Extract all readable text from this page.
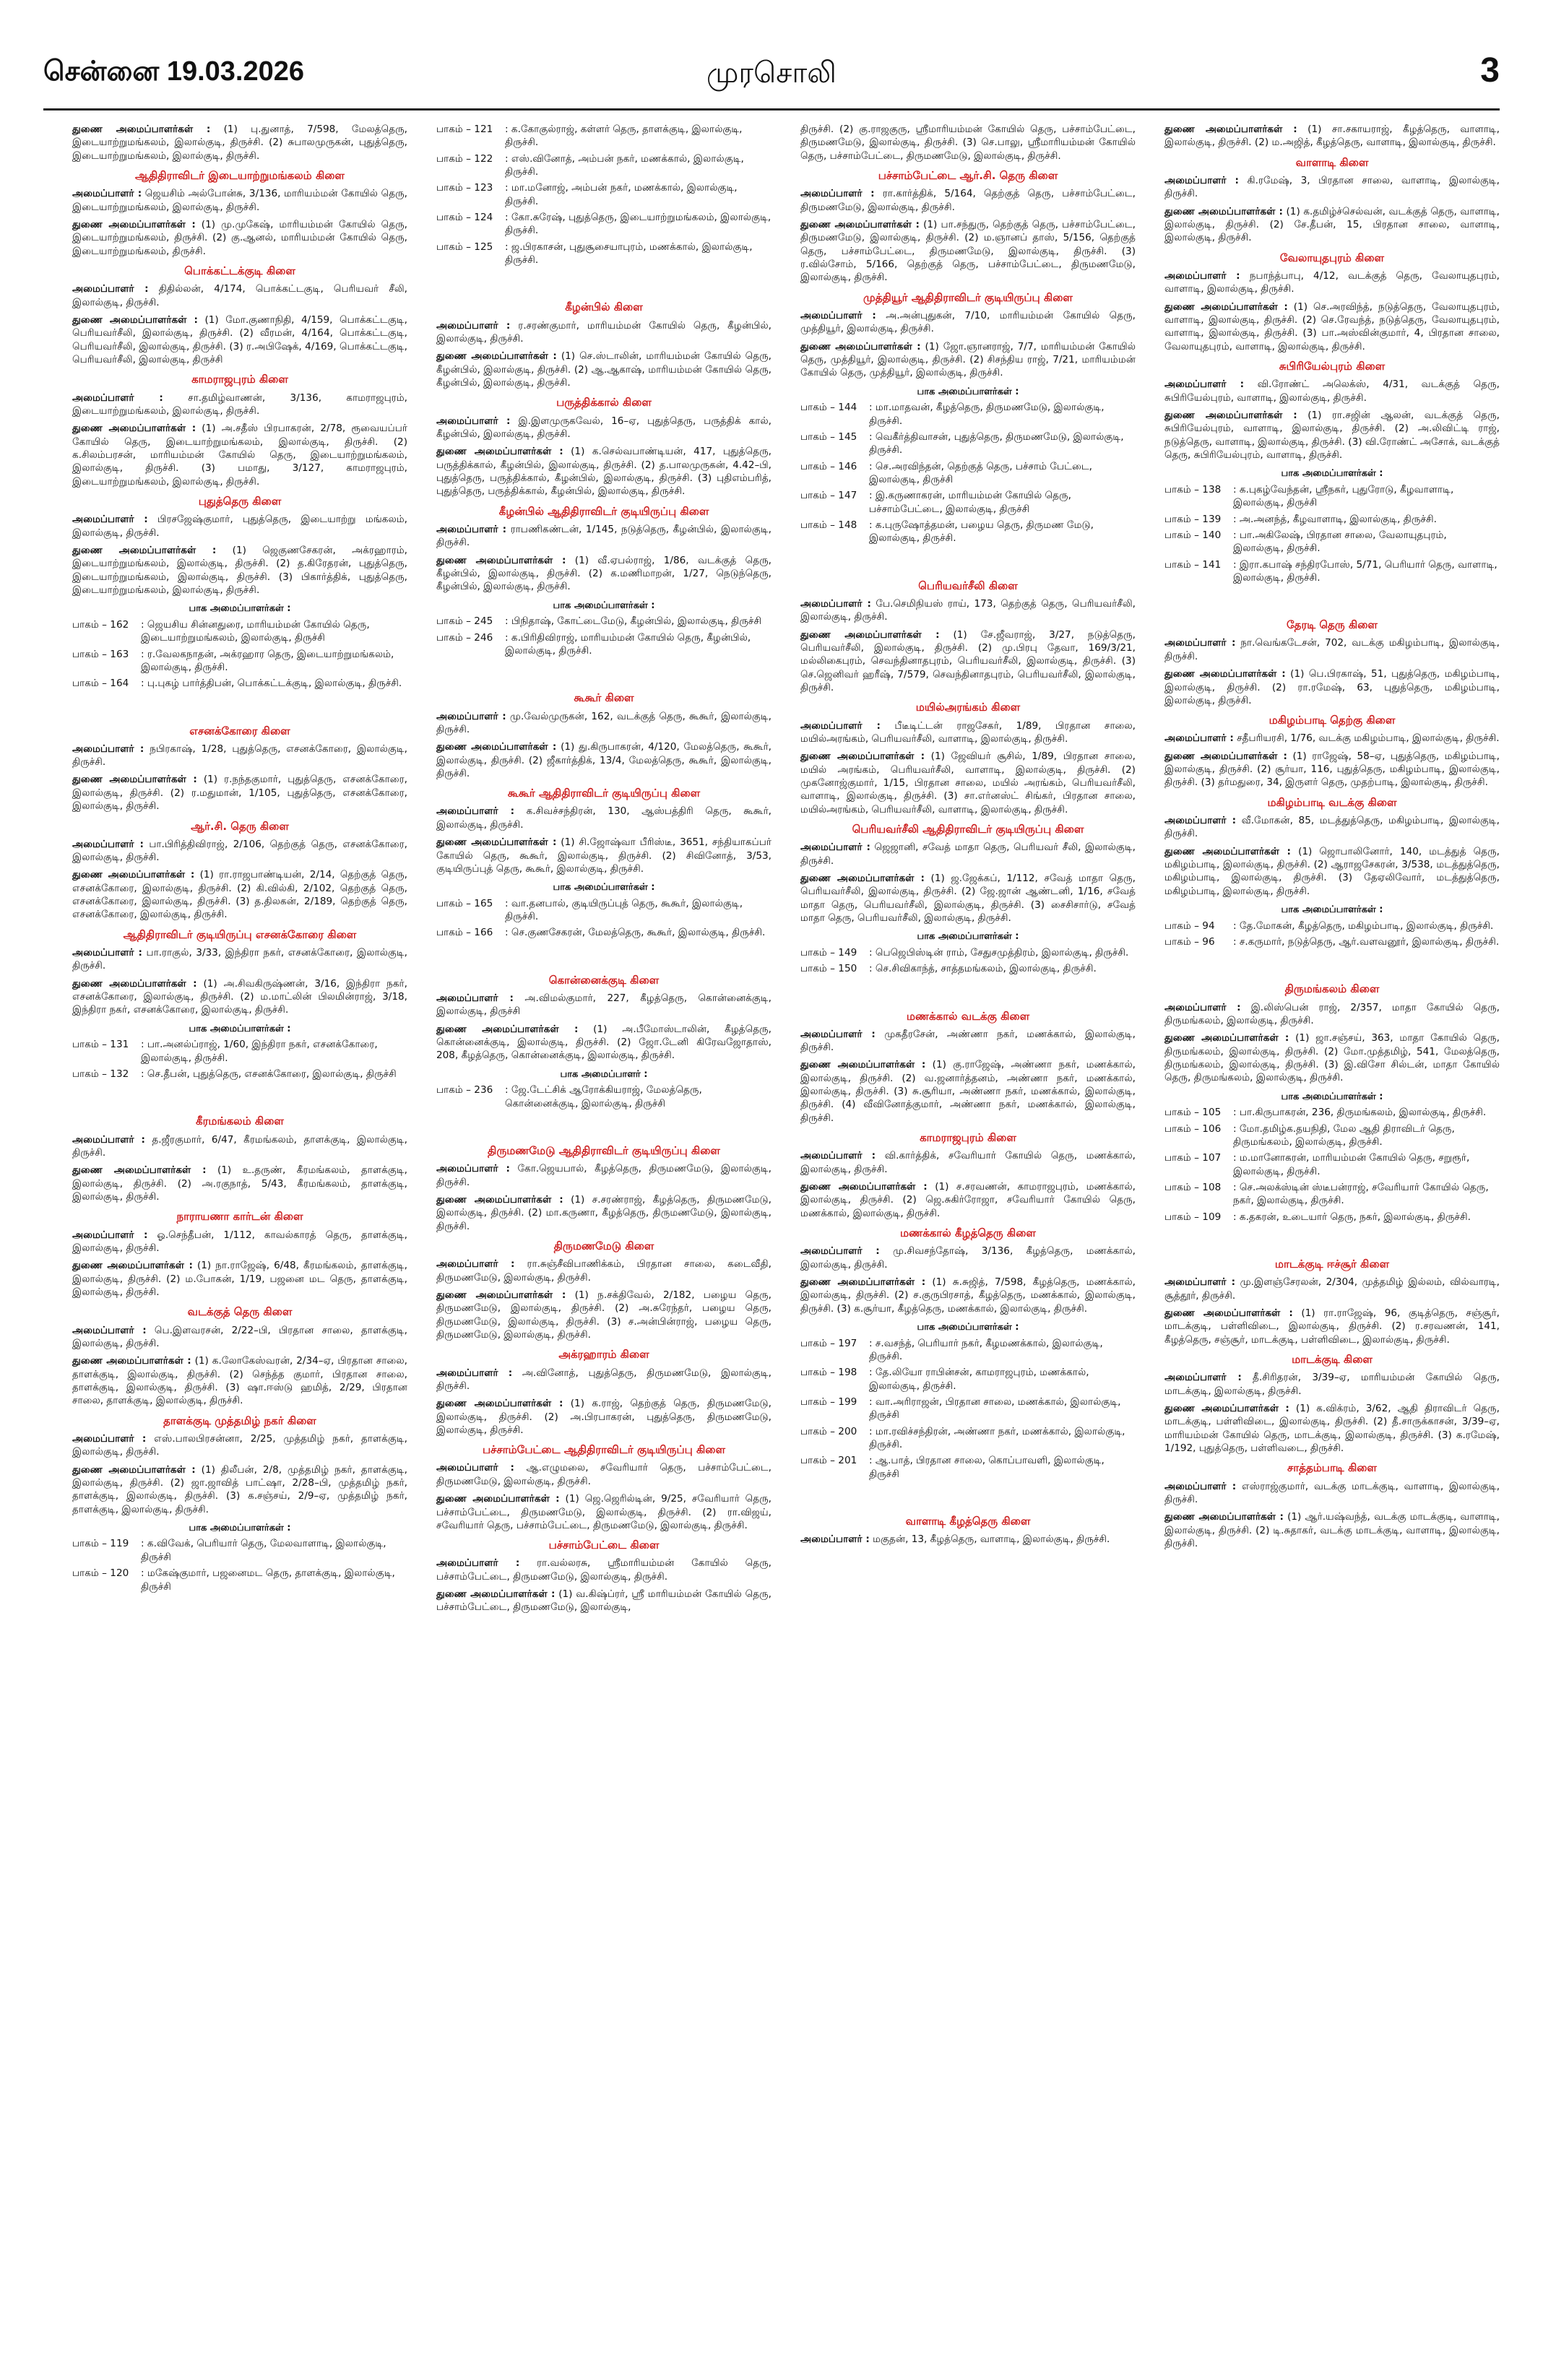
சென்னை 19.03.2026	முரசொலி	3

துணை அமைப்பாளர்கள் : (1) பு.துனாத், 7/598, மேலத்தெரு, இடையாற்றுமங்கலம், இலால்குடி, திருச்சி. (2) சுபாலமுருகன், புதுத்தெரு, இடையாற்றுமங்கலம், இலால்குடி, திருச்சி.

ஆதிதிராவிடர் இடையாற்றுமங்கலம் கிளை

அமைப்பாளர் : ஜெயசிம் அல்போன்சு, 3/136, மாரியம்மன் கோயில் தெரு, இடையாற்றுமங்கலம், இலால்குடி, திருச்சி.

துணை அமைப்பாளர்கள் : (1) மு.முகேஷ், மாரியம்மன் கோயில் தெரு, இடையாற்றுமங்கலம், திருச்சி. (2) கு.ஆனல், மாரியம்மன் கோயில் தெரு, இடையாற்றுமங்கலம், திருச்சி.

பொக்கட்டக்குடி கிளை

அமைப்பாளர் : திதில்லன், 4/174, பொக்கட்டகுடி, பெரியவர் சீலி, இலால்குடி, திருச்சி.

துணை அமைப்பாளர்கள் : (1) மோ.குணாநிதி, 4/159, பொக்கட்டகுடி, பெரியவர்சீலி, இலால்குடி, திருச்சி. (2) வீரமன், 4/164, பொக்கட்டகுடி, பெரியவர்சீலி, இலால்குடி, திருச்சி. (3) ர.அபிஷேக், 4/169, பொக்கட்டகுடி, பெரியவர்சீலி, இலால்குடி, திருச்சி

காமராஜபுரம் கிளை

அமைப்பாளர் :	சா.தமிழ்வாணன், 3/136, காமராஜபுரம், இடையாற்றுமங்கலம், இலால்குடி, திருச்சி.

துணை அமைப்பாளர்கள் : (1) அ.சதீஸ் பிரபாகரன், 2/78, ரூவையப்பர் கோயில் தெரு, இடையாற்றுமங்கலம், இலால்குடி, திருச்சி. (2) க.சிலம்பரசன், மாரியம்மன் கோயில் தெரு, இடையாற்றுமங்கலம், இலால்குடி, திருச்சி. (3) பமாது, 3/127, காமராஜபுரம், இடையாற்றுமங்கலம், இலால்குடி, திருச்சி.

புதுத்தெரு கிளை

அமைப்பாளர் : பிரசஜேஷ்குமார், புதுத்தெரு, இடையாற்று மங்கலம், இலால்குடி, திருச்சி.

துணை அமைப்பாளர்கள் : (1) ஜெகுணசேகரன், அக்ரஹாரம், இடையாற்றுமங்கலம், இலால்குடி, திருச்சி. (2) த.கிரேதரன், புதுத்தெரு, இடையாற்றுமங்கலம், இலால்குடி, திருச்சி. (3) பிகார்த்திக், புதுத்தெரு, இடையாற்றுமங்கலம், இலால்குடி, திருச்சி.

பாக அமைப்பாளர்கள் :
பாகம் – 162	: ஜெயசிய சின்னதுரை, மாரியம்மன் கோயில் தெரு, இடையாற்றுமங்கலம், இலால்குடி, திருச்சி
பாகம் – 163	: ர.வேலகநாதன், அக்ரஹார தெரு, இடையாற்றுமங்கலம், இலால்குடி, திருச்சி.
பாகம் – 164	: பு.புகழ் பார்த்திபன், பொக்கட்டக்குடி, இலால்குடி, திருச்சி.
எசனக்கோரை கிளை

அமைப்பாளர் : நபிரகாஷ், 1/28, புதுத்தெரு, எசனக்கோரை, இலால்குடி, திருச்சி.

துணை அமைப்பாளர்கள் : (1) ர.நந்தகுமார், புதுத்தெரு, எசனக்கோரை, இலால்குடி, திருச்சி. (2) ர.மதுமான், 1/105, புதுத்தெரு, எசனக்கோரை, இலால்குடி, திருச்சி.

ஆர்.சி. தெரு கிளை

அமைப்பாளர் : பா.பிரித்திவிராஜ், 2/106, தெற்குத் தெரு, எசனக்கோரை, இலால்குடி, திருச்சி.

துணை அமைப்பாளர்கள் : (1) ரா.ராஜபாண்டியன், 2/14, தெற்குத் தெரு, எசனக்கோரை, இலால்குடி, திருச்சி. (2) கி.வில்கி, 2/102, தெற்குத் தெரு, எசனக்கோரை, இலால்குடி, திருச்சி. (3) த.திலகன், 2/189, தெற்குத் தெரு, எசனக்கோரை, இலால்குடி, திருச்சி.

ஆதிதிராவிடர் குடியிருப்பு எசனக்கோரை கிளை

அமைப்பாளர் : பா.ராகுல், 3/33, இந்திரா நகர், எசனக்கோரை, இலால்குடி, திருச்சி.

துணை அமைப்பாளர்கள் : (1) அ.சிவகிருஷ்ணன், 3/16, இந்திரா நகர், எசனக்கோரை, இலால்குடி, திருச்சி. (2) ம.மாட்லின் பிலமின்ராஜ், 3/18, இந்திரா நகர், எசனக்கோரை, இலால்குடி, திருச்சி.

பாக அமைப்பாளர்கள் :
பாகம் – 131	: பா.அனல்ப்ராஜ், 1/60, இந்திரா நகர், எசனக்கோரை, இலால்குடி, திருச்சி.
பாகம் – 132	: செ.தீபன், புதுத்தெரு, எசனக்கோரை, இலால்குடி, திருச்சி
கீரமங்கலம் கிளை

அமைப்பாளர் : த.ஜீரகுமார், 6/47, கீரமங்கலம், தாளக்குடி, இலால்குடி, திருச்சி.

துணை அமைப்பாளர்கள் : (1) உ.தருண், கீரமங்கலம், தாளக்குடி, இலால்குடி, திருச்சி. (2) அ.ரகுநாத், 5/43, கீரமங்கலம், தாளக்குடி, இலால்குடி, திருச்சி.

நாராயணா கார்டன் கிளை

அமைப்பாளர் : ஓ.செந்தீபன், 1/112, காவல்காரத் தெரு, தாளக்குடி, இலால்குடி, திருச்சி.

துணை அமைப்பாளர்கள் : (1) நா.ராஜேஷ், 6/48, கீரமங்கலம், தாளக்குடி, இலால்குடி, திருச்சி. (2) ம.போகன், 1/19, பஜனை மட தெரு, தாளக்குடி, இலால்குடி, திருச்சி.

வடக்குத் தெரு கிளை

அமைப்பாளர் : பெ.இளவரசன், 2/22–பி, பிரதான சாலை, தாளக்குடி, இலால்குடி, திருச்சி.

துணை அமைப்பாளர்கள் : (1) க.லோகேஸ்வரன், 2/34–ஏ, பிரதான சாலை, தாளக்குடி, இலால்குடி, திருச்சி. (2) செந்த்த குமார், பிரதான சாலை, தாளக்குடி, இலால்குடி, திருச்சி. (3) ஷா.ஈஸ்டு ஹமித், 2/29, பிரதான சாலை, தாளக்குடி, இலால்குடி, திருச்சி.

தாளக்குடி முத்தமிழ் நகர் கிளை

அமைப்பாளர் : எஸ்.பாலபிரசன்னா, 2/25, முத்தமிழ் நகர், தாளக்குடி, இலால்குடி, திருச்சி.

துணை அமைப்பாளர்கள் : (1) திலீபன், 2/8, முத்தமிழ் நகர், தாளக்குடி, இலால்குடி, திருச்சி. (2) ஜா.ஜாவித் பாட்ஷா, 2/28–பி, முத்தமிழ் நகர், தாளக்குடி, இலால்குடி, திருச்சி. (3) க.சஞ்சய், 2/9–ஏ, முத்தமிழ் நகர், தாளக்குடி, இலால்குடி, திருச்சி.

பாக அமைப்பாளர்கள் :
பாகம் – 119	: க.விவேக், பெரியார் தெரு, மேலவாளாடி, இலால்குடி, திருச்சி
பாகம் – 120	: மகேஷ்குமார், பஜனைமட தெரு, தாளக்குடி, இலால்குடி, திருச்சி
பாகம் – 121	: க.கோகுல்ராஜ், கள்ளர் தெரு, தாளக்குடி, இலால்குடி, திருச்சி.
பாகம் – 122	: எஸ்.வினோத், அம்பன் நகர், மணக்கால், இலால்குடி, திருச்சி.
பாகம் – 123	: மா.மனோஜ், அம்பன் நகர், மணக்கால், இலால்குடி, திருச்சி.
பாகம் – 124	: கோ.சுரேஷ், புதுத்தெரு, இடையாற்றுமங்கலம், இலால்குடி, திருச்சி.
பாகம் – 125	: ஜ.பிரகாசன், புதுசூசையாபுரம், மணக்கால், இலால்குடி, திருச்சி.
கீழன்பில் கிளை

அமைப்பாளர் : ர.சரண்குமார், மாரியம்மன் கோயில் தெரு, கீழன்பில், இலால்குடி, திருச்சி.

துணை அமைப்பாளர்கள் : (1) செ.ஸ்டாலின், மாரியம்மன் கோயில் தெரு, கீழன்பில், இலால்குடி, திருச்சி. (2) ஆ.ஆகாஷ், மாரியம்மன் கோயில் தெரு, கீழன்பில், இலால்குடி, திருச்சி.

பருத்திக்கால் கிளை

அமைப்பாளர் : இ.இளமுருகவேல், 16–ஏ, புதுத்தெரு, பருத்திக் கால், கீழன்பில், இலால்குடி, திருச்சி.

துணை அமைப்பாளர்கள் : (1) க.செல்வபாண்டியன், 417, புதுத்தெரு, பருத்திக்கால், கீழன்பில், இலால்குடி, திருச்சி. (2) த.பாலமுருகன், 4.42–பி, புதுத்தெரு, பருத்திக்கால், கீழன்பில், இலால்குடி, திருச்சி. (3) புதிஎம்பரித், புதுத்தெரு, பருத்திக்கால், கீழன்பில், இலால்குடி, திருச்சி.

கீழன்பில் ஆதிதிராவிடர் குடியிருப்பு கிளை

அமைப்பாளர் : ராபணிகண்டன், 1/145, நடுத்தெரு, கீழன்பில், இலால்குடி, திருச்சி.

துணை அமைப்பாளர்கள் : (1) வீ.ஏபல்ராஜ், 1/86, வடக்குத் தெரு, கீழன்பில், இலால்குடி, திருச்சி. (2) க.மணிமாறன், 1/27, நெடுந்தெரு, கீழன்பில், இலால்குடி, திருச்சி.

பாக அமைப்பாளர்கள் :
பாகம் – 245	: பிநிதாஷ், கோட்டைமேடு, கீழன்பில், இலால்குடி, திருச்சி
பாகம் – 246	: க.பிரிதிவிராஜ், மாரியம்மன் கோயில் தெரு, கீழன்பில், இலால்குடி, திருச்சி.
கூகூர் கிளை

அமைப்பாளர் : மு.வேல்முருகன், 162, வடக்குத் தெரு, கூகூர், இலால்குடி, திருச்சி.

துணை அமைப்பாளர்கள் : (1) து.கிருபாகரன், 4/120, மேலத்தெரு, கூகூர், இலால்குடி, திருச்சி. (2) ஜீகார்த்திக், 13/4, மேலத்தெரு, கூகூர், இலால்குடி, திருச்சி.

கூகூர் ஆதிதிராவிடர் குடியிருப்பு கிளை

அமைப்பாளர் : க.சிவச்சந்திரன், 130, ஆஸ்பத்திரி தெரு, கூகூர், இலால்குடி, திருச்சி.

துணை அமைப்பாளர்கள் : (1) சி.ஜோஷ்வா பீரிஸ்டீ, 3651, சந்தியாகப்பர் கோயில் தெரு, கூகூர், இலால்குடி, திருச்சி. (2) சிவினோத், 3/53, குடியிருப்புத் தெரு, கூகூர், இலால்குடி, திருச்சி.

பாக அமைப்பாளர்கள் :
பாகம் – 165	: வா.தனபால், குடியிருப்புத் தெரு, கூகூர், இலால்குடி, திருச்சி.
பாகம் – 166	: செ.குணசேகரன், மேலத்தெரு, கூகூர், இலால்குடி, திருச்சி.
கொன்னைக்குடி கிளை

அமைப்பாளர் : அ.விமல்குமார், 227, கீழத்தெரு, கொன்னைக்குடி, இலால்குடி, திருச்சி

துணை அமைப்பாளர்கள் : (1) அ.பீமோஸ்டாலின், கீழத்தெரு, கொன்னைக்குடி, இலால்குடி, திருச்சி. (2) ஜோ.டேனி கிரேவஜோதாஸ், 208, கீழத்தெரு, கொன்னைக்குடி, இலால்குடி, திருச்சி.

பாக அமைப்பாளர் :
பாகம் – 236	: ஜே.டேட்சிக் ஆரோக்கியராஜ், மேலத்தெரு, கொன்னைக்குடி, இலால்குடி, திருச்சி
திருமணமேடு ஆதிதிராவிடர் குடியிருப்பு கிளை

அமைப்பாளர் : கோ.ஜெயபால், கீழத்தெரு, திருமணமேடு, இலால்குடி, திருச்சி.

துணை அமைப்பாளர்கள் : (1) ச.சரண்ராஜ், கீழத்தெரு, திருமணமேடு, இலால்குடி, திருச்சி. (2) மா.கருணா, கீழத்தெரு, திருமணமேடு, இலால்குடி, திருச்சி.

திருமணமேடு கிளை

அமைப்பாளர் : ரா.சுஞ்சீவிபாணிக்கம், பிரதான சாலை, கடைவீதி, திருமணமேடு, இலால்குடி, திருச்சி.

துணை அமைப்பாளர்கள் : (1) ந.சக்திவேல், 2/182, பழைய தெரு, திருமணமேடு, இலால்குடி, திருச்சி. (2) அ.சுரேந்தர், பழைய தெரு, திருமணமேடு, இலால்குடி, திருச்சி. (3) ச.அன்பின்ராஜ், பழைய தெரு, திருமணமேடு, இலால்குடி, திருச்சி.

அக்ரஹாரம் கிளை

அமைப்பாளர் : அ.வினோத், புதுத்தெரு, திருமணமேடு, இலால்குடி, திருச்சி.

துணை அமைப்பாளர்கள் : (1) க.ராஜ், தெற்குத் தெரு, திருமணமேடு, இலால்குடி, திருச்சி. (2) அ.பிரபாகரன், புதுத்தெரு, திருமணமேடு, இலால்குடி, திருச்சி.

பச்சாம்பேட்டை ஆதிதிராவிடர் குடியிருப்பு கிளை

அமைப்பாளர் : ஆ.எழுமலை, சவேரியார் தெரு, பச்சாம்பேட்டை, திருமணமேடு, இலால்குடி, திருச்சி.

துணை அமைப்பாளர்கள் : (1) ஜெ.ஜெரில்டின், 9/25, சவேரியார் தெரு, பச்சாம்பேட்டை, திருமணமேடு, இலால்குடி, திருச்சி. (2) ரா.விஜய், சவேரியார் தெரு, பச்சாம்பேட்டை, திருமணமேடு, இலால்குடி, திருச்சி.

பச்சாம்பேட்டை கிளை

அமைப்பாளர் : ரா.வல்லரசு, ஸ்ரீமாரியம்மன் கோயில் தெரு, பச்சாம்பேட்டை, திருமணமேடு, இலால்குடி, திருச்சி.

துணை அமைப்பாளர்கள் : (1) வ.கிஷ்ப்ரர், ஸ்ரீ மாரியம்மன் கோயில் தெரு, பச்சாம்பேட்டை, திருமணமேடு, இலால்குடி,

திருச்சி. (2) கு.ராஜகுரு, ஸ்ரீமாரியம்மன் கோயில் தெரு, பச்சாம்பேட்டை, திருமணமேடு, இலால்குடி, திருச்சி. (3) செ.பாலு, ஸ்ரீமாரியம்மன் கோயில் தெரு, பச்சாம்பேட்டை, திருமணமேடு, இலால்குடி, திருச்சி.

பச்சாம்பேட்டை ஆர்.சி. தெரு கிளை

அமைப்பாளர் : ரா.கார்த்திக், 5/164, தெற்குத் தெரு, பச்சாம்பேட்டை, திருமணமேடு, இலால்குடி, திருச்சி.

துணை அமைப்பாளர்கள் : (1) பா.சந்துரு, தெற்குத் தெரு, பச்சாம்பேட்டை, திருமணமேடு, இலால்குடி, திருச்சி. (2) ம.ஞானப் தாஸ், 5/156, தெற்குத் தெரு, பச்சாம்பேட்டை, திருமணமேடு, இலால்குடி, திருச்சி. (3) ர.வில்சோம், 5/166, தெற்குத் தெரு, பச்சாம்பேட்டை, திருமணமேடு, இலால்குடி, திருச்சி.

முத்தியூர் ஆதிதிராவிடர் குடியிருப்பு கிளை

அமைப்பாளர் : அ.அன்புதுகன், 7/10, மாரியம்மன் கோயில் தெரு, முத்தியூர், இலால்குடி, திருச்சி.

துணை அமைப்பாளர்கள் : (1) ஜோ.ஞானராஜ், 7/7, மாரியம்மன் கோயில் தெரு, முத்தியூர், இலால்குடி, திருச்சி. (2) சிசந்திய ராஜ், 7/21, மாரியம்மன் கோயில் தெரு, முத்தியூர், இலால்குடி, திருச்சி.

பாக அமைப்பாளர்கள் :
பாகம் – 144	: மா.மாதவன், கீழத்தெரு, திருமணமேடு, இலால்குடி, திருச்சி.
பாகம் – 145	: வெகீர்த்திவாசன், புதுத்தெரு, திருமணமேடு, இலால்குடி, திருச்சி.
பாகம் – 146	: செ.அரவிந்தன், தெற்குத் தெரு, பச்சாம் பேட்டை, இலால்குடி, திருச்சி
பாகம் – 147	: இ.கருணாகரன், மாரியம்மன் கோயில் தெரு, பச்சாம்பேட்டை, இலால்குடி, திருச்சி
பாகம் – 148	: க.புருஷோத்தமன், பழைய தெரு, திருமண மேடு, இலால்குடி, திருச்சி.
பெரியவர்சீலி கிளை

அமைப்பாளர் : பே.செமிநியஸ் ராய், 173, தெற்குத் தெரு, பெரியவர்சீலி, இலால்குடி, திருச்சி.

துணை அமைப்பாளர்கள் : (1) சே.ஜீவராஜ், 3/27, நடுத்தெரு, பெரியவர்சீலி, இலால்குடி, திருச்சி. (2) மு.பிரபு தேவா, 169/3/21, மல்லிகைபுரம், செவந்தினாதபுரம், பெரியவர்சீலி, இலால்குடி, திருச்சி. (3) செ.ஜெனிவர் ஹரீஷ், 7/579, செவந்தினாதபுரம், பெரியவர்சீலி, இலால்குடி, திருச்சி.

மயில்அரங்கம் கிளை

அமைப்பாளர் : பீடீடிட்டன் ராஜசேகர், 1/89, பிரதான சாலை, மயில்அரங்கம், பெரியவர்சீலி, வாளாடி, இலால்குடி, திருச்சி.

துணை அமைப்பாளர்கள் : (1) ஜேவியர் சூசில், 1/89, பிரதான சாலை, மயில் அரங்கம், பெரியவர்சீலி, வாளாடி, இலால்குடி, திருச்சி. (2) முகனோஜ்குமார், 1/15, பிரதான சாலை, மயில் அரங்கம், பெரியவர்சீலி, வாளாடி, இலால்குடி, திருச்சி. (3) சா.எர்னஸ்ட் சிங்கர், பிரதான சாலை, மயில்அரங்கம், பெரியவர்சீலி, வாளாடி, இலால்குடி, திருச்சி.

பெரியவர்சீலி ஆதிதிராவிடர் குடியிருப்பு கிளை

அமைப்பாளர் : ஜெஜானி, சவேத் மாதா தெரு, பெரியவர் சீலி, இலால்குடி, திருச்சி.

துணை அமைப்பாளர்கள் : (1) ஜ.ஜேக்கப், 1/112, சவேத் மாதா தெரு, பெரியவர்சீலி, இலால்குடி, திருச்சி. (2) ஜே.ஜான் ஆண்டனி, 1/16, சவேத் மாதா தெரு, பெரியவர்சீலி, இலால்குடி, திருச்சி. (3) சைசிசார்டு, சவேத் மாதா தெரு, பெரியவர்சீலி, இலால்குடி, திருச்சி.

பாக அமைப்பாளர்கள் :
பாகம் – 149	: பெஜெபிஸ்டின் ராம், சேதுசமுத்திரம், இலால்குடி, திருச்சி.
பாகம் – 150	: செ.சிவிகாந்த், சாத்தமங்கலம், இலால்குடி, திருச்சி.
மணக்கால் வடக்கு கிளை

அமைப்பாளர் : முகதீரசேன், அண்ணா நகர், மணக்கால், இலால்குடி, திருச்சி.

துணை அமைப்பாளர்கள் : (1) கு.ராஜேஷ், அண்ணா நகர், மணக்கால், இலால்குடி, திருச்சி. (2) வ.ஜனார்த்தனம், அண்ணா நகர், மணக்கால், இலால்குடி, திருச்சி. (3) சு.சூரியா, அண்ணா நகர், மணக்கால், இலால்குடி, திருச்சி. (4) வீவினோத்குமார், அண்ணா நகர், மணக்கால், இலால்குடி, திருச்சி.

காமராஜபுரம் கிளை

அமைப்பாளர் : வி.கார்த்திக், சவேரியார் கோயில் தெரு, மணக்கால், இலால்குடி, திருச்சி.

துணை அமைப்பாளர்கள் : (1) ச.சரவணன், காமராஜபுரம், மணக்கால், இலால்குடி, திருச்சி. (2) ஜெ.சுகிர்ரோஜா, சவேரியார் கோயில் தெரு, மணக்கால், இலால்குடி, திருச்சி.

மணக்கால் கீழத்தெரு கிளை

அமைப்பாளர் : மு.சிவசந்தோஷ், 3/136, கீழத்தெரு, மணக்கால், இலால்குடி, திருச்சி.

துணை அமைப்பாளர்கள் : (1) சு.சுஜித், 7/598, கீழத்தெரு, மணக்கால், இலால்குடி, திருச்சி. (2) ச.குருபிரசாத், கீழத்தெரு, மணக்கால், இலால்குடி, திருச்சி. (3) க.சூர்யா, கீழத்தெரு, மணக்கால், இலால்குடி, திருச்சி.

பாக அமைப்பாளர்கள் :
பாகம் – 197	: ச.வசந்த், பெரியார் நகர், கீழமணக்கால், இலால்குடி, திருச்சி.
பாகம் – 198	: தே.லியோ ராபின்சன், காமராஜபுரம், மணக்கால், இலால்குடி, திருச்சி.
பாகம் – 199	: வா.அரிராஜன், பிரதான சாலை, மணக்கால், இலால்குடி, திருச்சி
பாகம் – 200	: மா.ரவிச்சந்திரன், அண்ணா நகர், மணக்கால், இலால்குடி, திருச்சி.
பாகம் – 201	: ஆ.பாத், பிரதான சாலை, கொப்பாவளி, இலால்குடி, திருச்சி
வாளாடி கீழத்தெரு கிளை

அமைப்பாளர் : மகுதன், 13, கீழத்தெரு, வாளாடி, இலால்குடி, திருச்சி.

துணை அமைப்பாளர்கள் : (1) சா.சகாயராஜ், கீழத்தெரு, வாளாடி, இலால்குடி, திருச்சி. (2) ம.அஜித், கீழத்தெரு, வாளாடி, இலால்குடி, திருச்சி.

வாளாடி கிளை

அமைப்பாளர் : கி.ரமேஷ், 3, பிரதான சாலை, வாளாடி, இலால்குடி, திருச்சி.

துணை அமைப்பாளர்கள் : (1) க.தமிழ்ச்செல்வன், வடக்குத் தெரு, வாளாடி, இலால்குடி, திருச்சி. (2) சே.தீபன், 15, பிரதான சாலை, வாளாடி, இலால்குடி, திருச்சி.

வேலாயுதபுரம் கிளை

அமைப்பாளர் : நபாந்த்பாபு, 4/12, வடக்குத் தெரு, வேலாயுதபுரம், வாளாடி, இலால்குடி, திருச்சி.

துணை அமைப்பாளர்கள் : (1) செ.அரவிந்த், நடுத்தெரு, வேலாயுதபுரம், வாளாடி, இலால்குடி, திருச்சி. (2) செ.ரேவந்த், நடுத்தெரு, வேலாயுதபுரம், வாளாடி, இலால்குடி, திருச்சி. (3) பா.அஸ்வின்குமார், 4, பிரதான சாலை, வேலாயுதபுரம், வாளாடி, இலால்குடி, திருச்சி.

சுபிரியேல்புரம் கிளை

அமைப்பாளர் : வி.ரோண்ட் அலெக்ஸ், 4/31, வடக்குத் தெரு, சுபிரியேல்புரம், வாளாடி, இலால்குடி, திருச்சி.

துணை அமைப்பாளர்கள் : (1) ரா.சஜின் ஆலன், வடக்குத் தெரு, சுபிரியேல்புரம், வாளாடி, இலால்குடி, திருச்சி. (2) அ.லிவிட்டி ராஜ், நடுத்தெரு, வாளாடி, இலால்குடி, திருச்சி. (3) வி.ரோண்ட் அசோக், வடக்குத் தெரு, சுபிரியேல்புரம், வாளாடி, திருச்சி.

பாக அமைப்பாளர்கள் :
பாகம் – 138	: க.புகழ்வேந்தன், ஸ்ரீநகர், புதுரோடு, கீழவாளாடி, இலால்குடி, திருச்சி
பாகம் – 139	: அ.அனந்த், கீழவாளாடி, இலால்குடி, திருச்சி.
பாகம் – 140	: பா.அகிலேஷ், பிரதான சாலை, வேலாயுதபுரம், இலால்குடி, திருச்சி.
பாகம் – 141	: இரா.கபாஷ் சந்திரபோஸ், 5/71, பெரியார் தெரு, வாளாடி, இலால்குடி, திருச்சி.
தேரடி தெரு கிளை

அமைப்பாளர் : நா.வெங்கடேசன், 702, வடக்கு மகிழம்பாடி, இலால்குடி, திருச்சி.

துணை அமைப்பாளர்கள் : (1) பெ.பிரகாஷ், 51, புதுத்தெரு, மகிழம்பாடி, இலால்குடி, திருச்சி. (2) ரா.ரமேஷ், 63, புதுத்தெரு, மகிழம்பாடி, இலால்குடி, திருச்சி.

மகிழம்பாடி தெற்கு கிளை

அமைப்பாளர் : சதீபரியரசி, 1/76, வடக்கு மகிழம்பாடி, இலால்குடி, திருச்சி.

துணை அமைப்பாளர்கள் : (1) ராஜேஷ், 58–ஏ, புதுத்தெரு, மகிழம்பாடி, இலால்குடி, திருச்சி. (2) சூர்யா, 116, புதுத்தெரு, மகிழம்பாடி, இலால்குடி, திருச்சி. (3) தர்மதுரை, 34, இருளர் தெரு, முதற்பாடி, இலால்குடி, திருச்சி.

மகிழம்பாடி வடக்கு கிளை

அமைப்பாளர் : வீ.மோகன், 85, மடத்துத்தெரு, மகிழம்பாடி, இலால்குடி, திருச்சி.

துணை அமைப்பாளர்கள் : (1) ஜொபாலினோர், 140, மடத்துத் தெரு, மகிழம்பாடி, இலால்குடி, திருச்சி. (2) ஆராஜசேகரன், 3/538, மடத்துத்தெரு, மகிழம்பாடி, இலால்குடி, திருச்சி. (3) தேஏலிவோர், மடத்துத்தெரு, மகிழம்பாடி, இலால்குடி, திருச்சி.

பாக அமைப்பாளர்கள் :
பாகம் – 94	: தே.மோகன், கீழத்தெரு, மகிழம்பாடி, இலால்குடி, திருச்சி.
பாகம் – 96	: ச.கருமார், நடுத்தெரு, ஆர்.வளவனூர், இலால்குடி, திருச்சி.
திருமங்கலம் கிளை

அமைப்பாளர் : இ.லிஸ்பென் ராஜ், 2/357, மாதா கோயில் தெரு, திருமங்கலம், இலால்குடி, திருச்சி.

துணை அமைப்பாளர்கள் : (1) ஜா.சஞ்சய், 363, மாதா கோயில் தெரு, திருமங்கலம், இலால்குடி, திருச்சி. (2) மோ.முத்தமிழ், 541, மேலத்தெரு, திருமங்கலம், இலால்குடி, திருச்சி. (3) இ.விசோ சில்டன், மாதா கோயில் தெரு, திருமங்கலம், இலால்குடி, திருச்சி.

பாக அமைப்பாளர்கள் :
பாகம் – 105	: பா.கிருபாகரன், 236, திருமங்கலம், இலால்குடி, திருச்சி.
பாகம் – 106	: மோ.தமிழ்க.தயநிதி, மேல ஆதி திராவிடர் தெரு, திருமங்கலம், இலால்குடி, திருச்சி.
பாகம் – 107	: ம.மானோகரன், மாரியம்மன் கோயில் தெரு, சறுரூர், இலால்குடி, திருச்சி.
பாகம் – 108	: செ.அலக்ஸ்டின் ஸ்டீபன்ராஜ், சவேரியார் கோயில் தெரு, நகர், இலால்குடி, திருச்சி.
பாகம் – 109	: க.தகரன், உடையார் தெரு, நகர், இலால்குடி, திருச்சி.
மாடக்குடி ஈச்சூர் கிளை

அமைப்பாளர் : மு.இளஞ்சேரலன், 2/304, முத்தமிழ் இல்லம், வில்வாரடி, சூத்தூர், திருச்சி.

துணை அமைப்பாளர்கள் : (1) ரா.ராஜேஷ், 96, குடித்தெரு, சஞ்சூர், மாடக்குடி, பள்ளிவிடை, இலால்குடி, திருச்சி. (2) ர.சரவணன், 141, கீழத்தெரு, சஞ்சூர், மாடக்குடி, பள்ளிவிடை, இலால்குடி, திருச்சி.

மாடக்குடி கிளை

அமைப்பாளர் : தீ.சிரிதரன், 3/39–ஏ, மாரியம்மன் கோயில் தெரு, மாடக்குடி, இலால்குடி, திருச்சி.

துணை அமைப்பாளர்கள் : (1) க.விக்ரம், 3/62, ஆதி திராவிடர் தெரு, மாடக்குடி, பள்ளிவிடை, இலால்குடி, திருச்சி. (2) தீ.சாருக்காசன், 3/39–ஏ, மாரியம்மன் கோயில் தெரு, மாடக்குடி, இலால்குடி, திருச்சி. (3) க.ரமேஷ், 1/192, புதுத்தெரு, பள்ளிவடை, திருச்சி.

சாத்தம்பாடி கிளை

அமைப்பாளர் : எஸ்ராஜ்குமார், வடக்கு மாடக்குடி, வாளாடி, இலால்குடி, திருச்சி.

துணை அமைப்பாளர்கள் : (1) ஆர்.யஷ்வந்த், வடக்கு மாடக்குடி, வாளாடி, இலால்குடி, திருச்சி. (2) டி.சுதாகர், வடக்கு மாடக்குடி, வாளாடி, இலால்குடி, திருச்சி.
